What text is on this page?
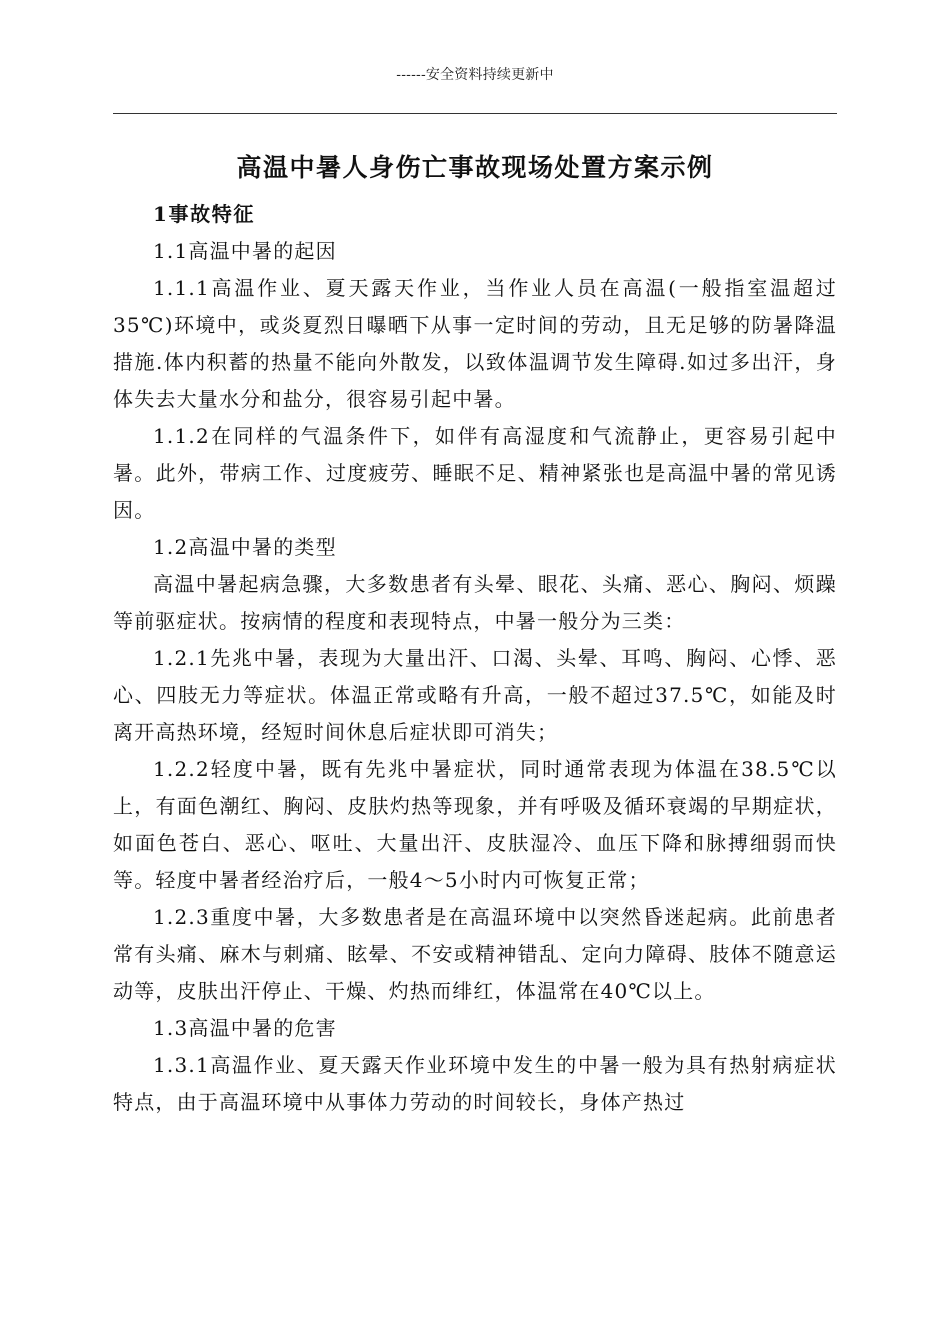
------安全资料持续更新中
高温中暑人身伤亡事故现场处置方案示例

1事故特征

1.1高温中暑的起因

1.1.1高温作业、夏天露天作业，当作业人员在高温(一般指室温超过35℃)环境中，或炎夏烈日曝晒下从事一定时间的劳动，且无足够的防暑降温措施.体内积蓄的热量不能向外散发，以致体温调节发生障碍.如过多出汗，身体失去大量水分和盐分，很容易引起中暑。

1.1.2在同样的气温条件下，如伴有高湿度和气流静止，更容易引起中暑。此外，带病工作、过度疲劳、睡眠不足、精神紧张也是高温中暑的常见诱因。

1.2高温中暑的类型

高温中暑起病急骤，大多数患者有头晕、眼花、头痛、恶心、胸闷、烦躁等前驱症状。按病情的程度和表现特点，中暑一般分为三类：

1.2.1先兆中暑，表现为大量出汗、口渴、头晕、耳鸣、胸闷、心悸、恶心、四肢无力等症状。体温正常或略有升高，一般不超过37.5℃，如能及时离开高热环境，经短时间休息后症状即可消失；

1.2.2轻度中暑，既有先兆中暑症状，同时通常表现为体温在38.5℃以上，有面色潮红、胸闷、皮肤灼热等现象，并有呼吸及循环衰竭的早期症状，如面色苍白、恶心、呕吐、大量出汗、皮肤湿冷、血压下降和脉搏细弱而快等。轻度中暑者经治疗后，一般4～5小时内可恢复正常；

1.2.3重度中暑，大多数患者是在高温环境中以突然昏迷起病。此前患者常有头痛、麻木与刺痛、眩晕、不安或精神错乱、定向力障碍、肢体不随意运动等，皮肤出汗停止、干燥、灼热而绯红，体温常在40℃以上。

1.3高温中暑的危害

1.3.1高温作业、夏天露天作业环境中发生的中暑一般为具有热射病症状特点，由于高温环境中从事体力劳动的时间较长，身体产热过
